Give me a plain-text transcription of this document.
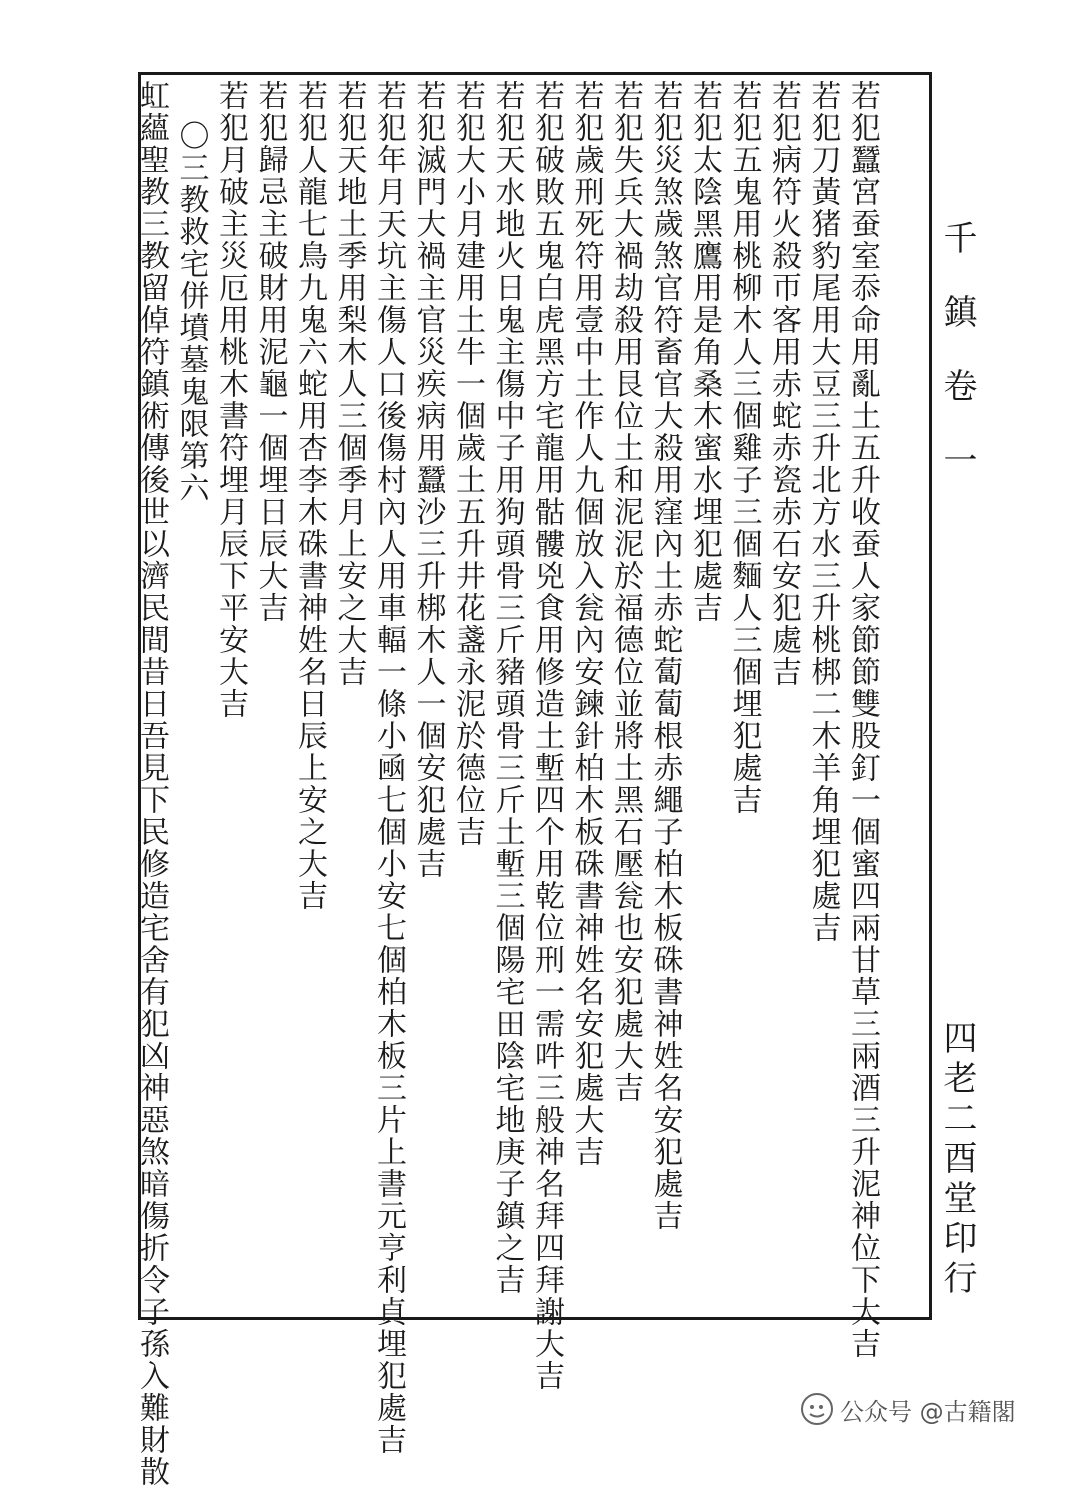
千鎮卷一
四老二酉堂印行
若犯蠶宮蚕室忝命用亂土五升收蚕人家節節雙股釘一個蜜四兩甘草三兩酒三升泥神位下大吉
若犯刀黃猪豹尾用大豆三升北方水三升桃梆二木羊角埋犯處吉
若犯病符火殺帀客用赤蛇赤瓷赤石安犯處吉
若犯五鬼用桃柳木人三個雞子三個麵人三個埋犯處吉
若犯太陰黑鷹用是角桑木蜜水埋犯處吉
若犯災煞歲煞官符畜官大殺用窪內土赤蛇蔔蔔根赤繩子柏木板硃書神姓名安犯處吉
若犯失兵大禍劫殺用艮位土和泥泥於福德位並將土黑石壓瓮也安犯處大吉
若犯歲刑死符用壹中土作人九個放入瓮內安鍊針柏木板硃書神姓名安犯處大吉
若犯破敗五鬼白虎黑方宅龍用骷髏兇食用修造土塹四个用乾位刑一需吽三般神名拜四拜謝大吉
若犯天水地火日鬼主傷中子用狗頭骨三斤豬頭骨三斤土塹三個陽宅田陰宅地庚子鎮之吉
若犯大小月建用土牛一個歲土五升井花盞永泥於德位吉
若犯滅門大禍主官災疾病用蠶沙三升梆木人一個安犯處吉
若犯年月天坑主傷人口後傷村內人用車輻一條小凾七個小安七個柏木板三片上書元亨利貞埋犯處吉
若犯天地土季用梨木人三個季月上安之大吉
若犯人龍七鳥九鬼六蛇用杏李木硃書神姓名日辰上安之大吉
若犯歸忌主破財用泥龜一個埋日辰大吉
若犯月破主災厄用桃木書符埋月辰下平安大吉
〇三教救宅併墳墓鬼限第六
虹蘊聖教三教留倬符鎮術傳後世以濟民間昔日吾見下民修造宅舍有犯凶神惡煞暗傷折令子孫入難財散	公众号 @古籍閣
